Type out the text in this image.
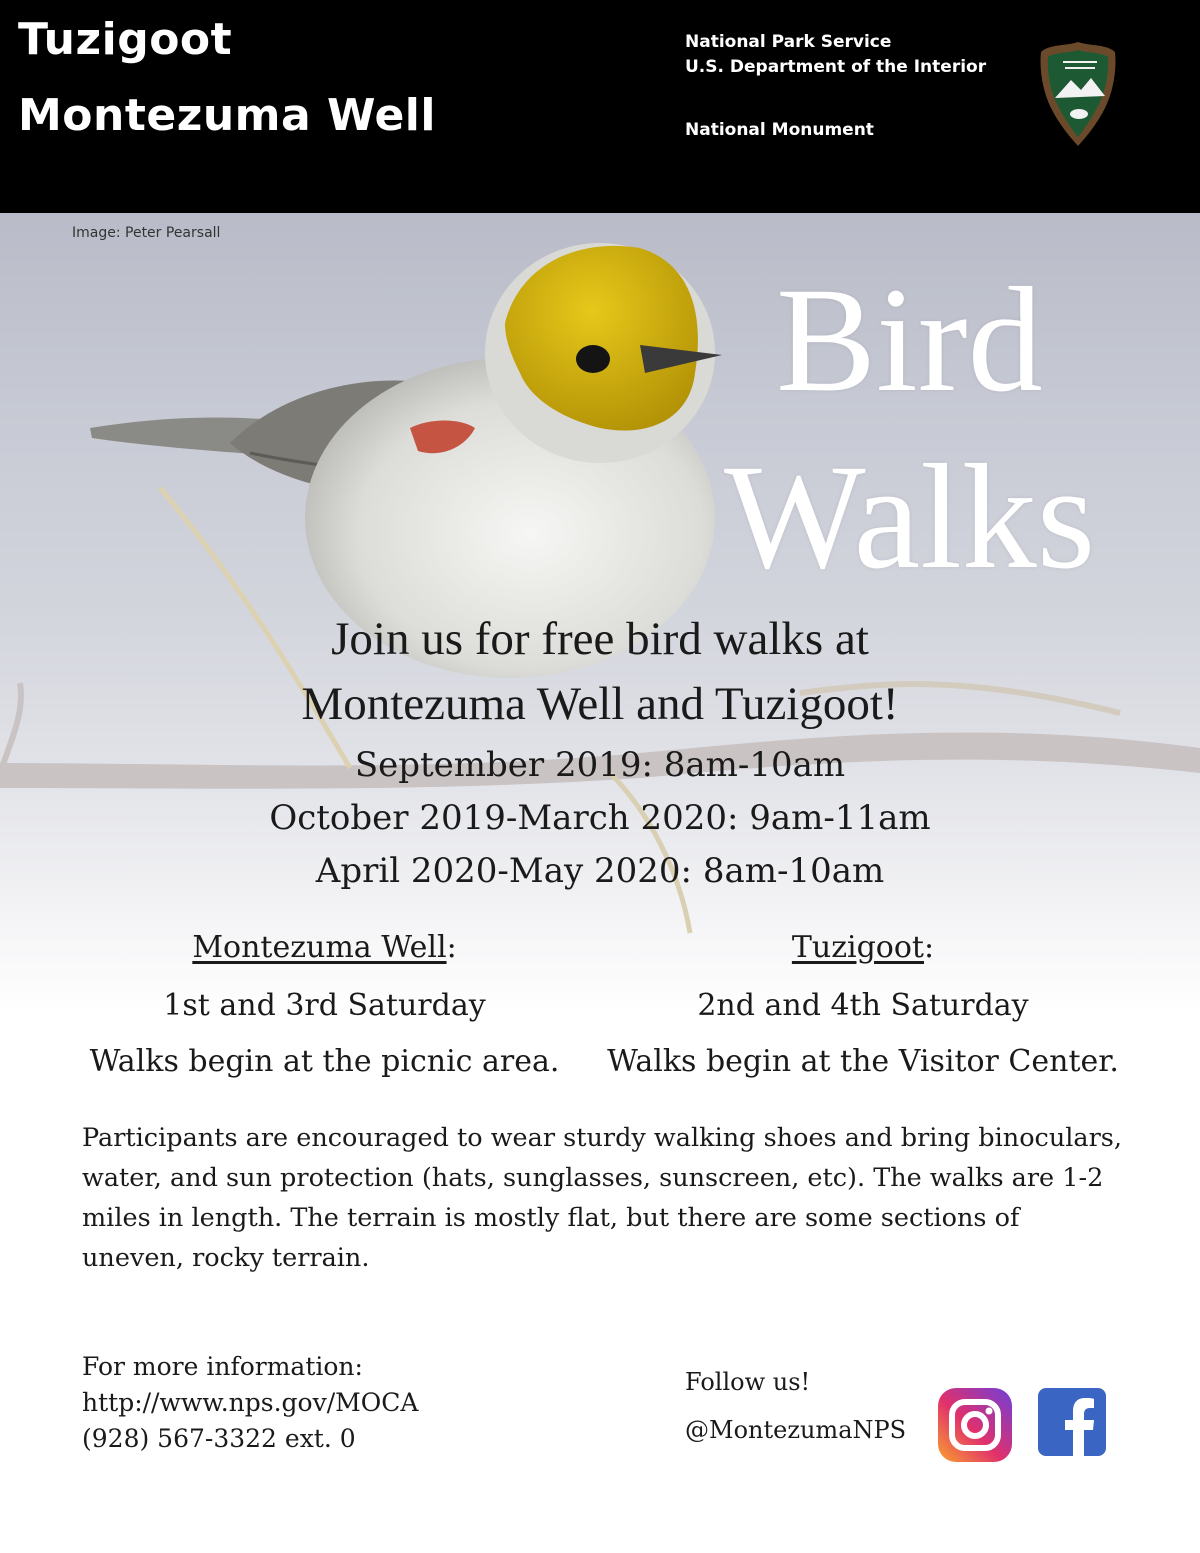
Tuzigoot
Montezuma Well
National Park Service
U.S. Department of the Interior
National Monument
Image: Peter Pearsall
Bird
Walks
Join us for free bird walks at
Montezuma Well and Tuzigoot!
September 2019: 8am-10am
October 2019-March 2020: 9am-11am
April 2020-May 2020: 8am-10am
Montezuma Well:
1st and 3rd Saturday
Walks begin at the picnic area.
Tuzigoot:
2nd and 4th Saturday
Walks begin at the Visitor Center.
Participants are encouraged to wear sturdy walking shoes and bring binoculars, water, and sun protection (hats, sunglasses, sunscreen, etc). The walks are 1-2 miles in length. The terrain is mostly flat, but there are some sections of uneven, rocky terrain.
For more information:
http://www.nps.gov/MOCA
(928) 567-3322 ext. 0
Follow us!
@MontezumaNPS
